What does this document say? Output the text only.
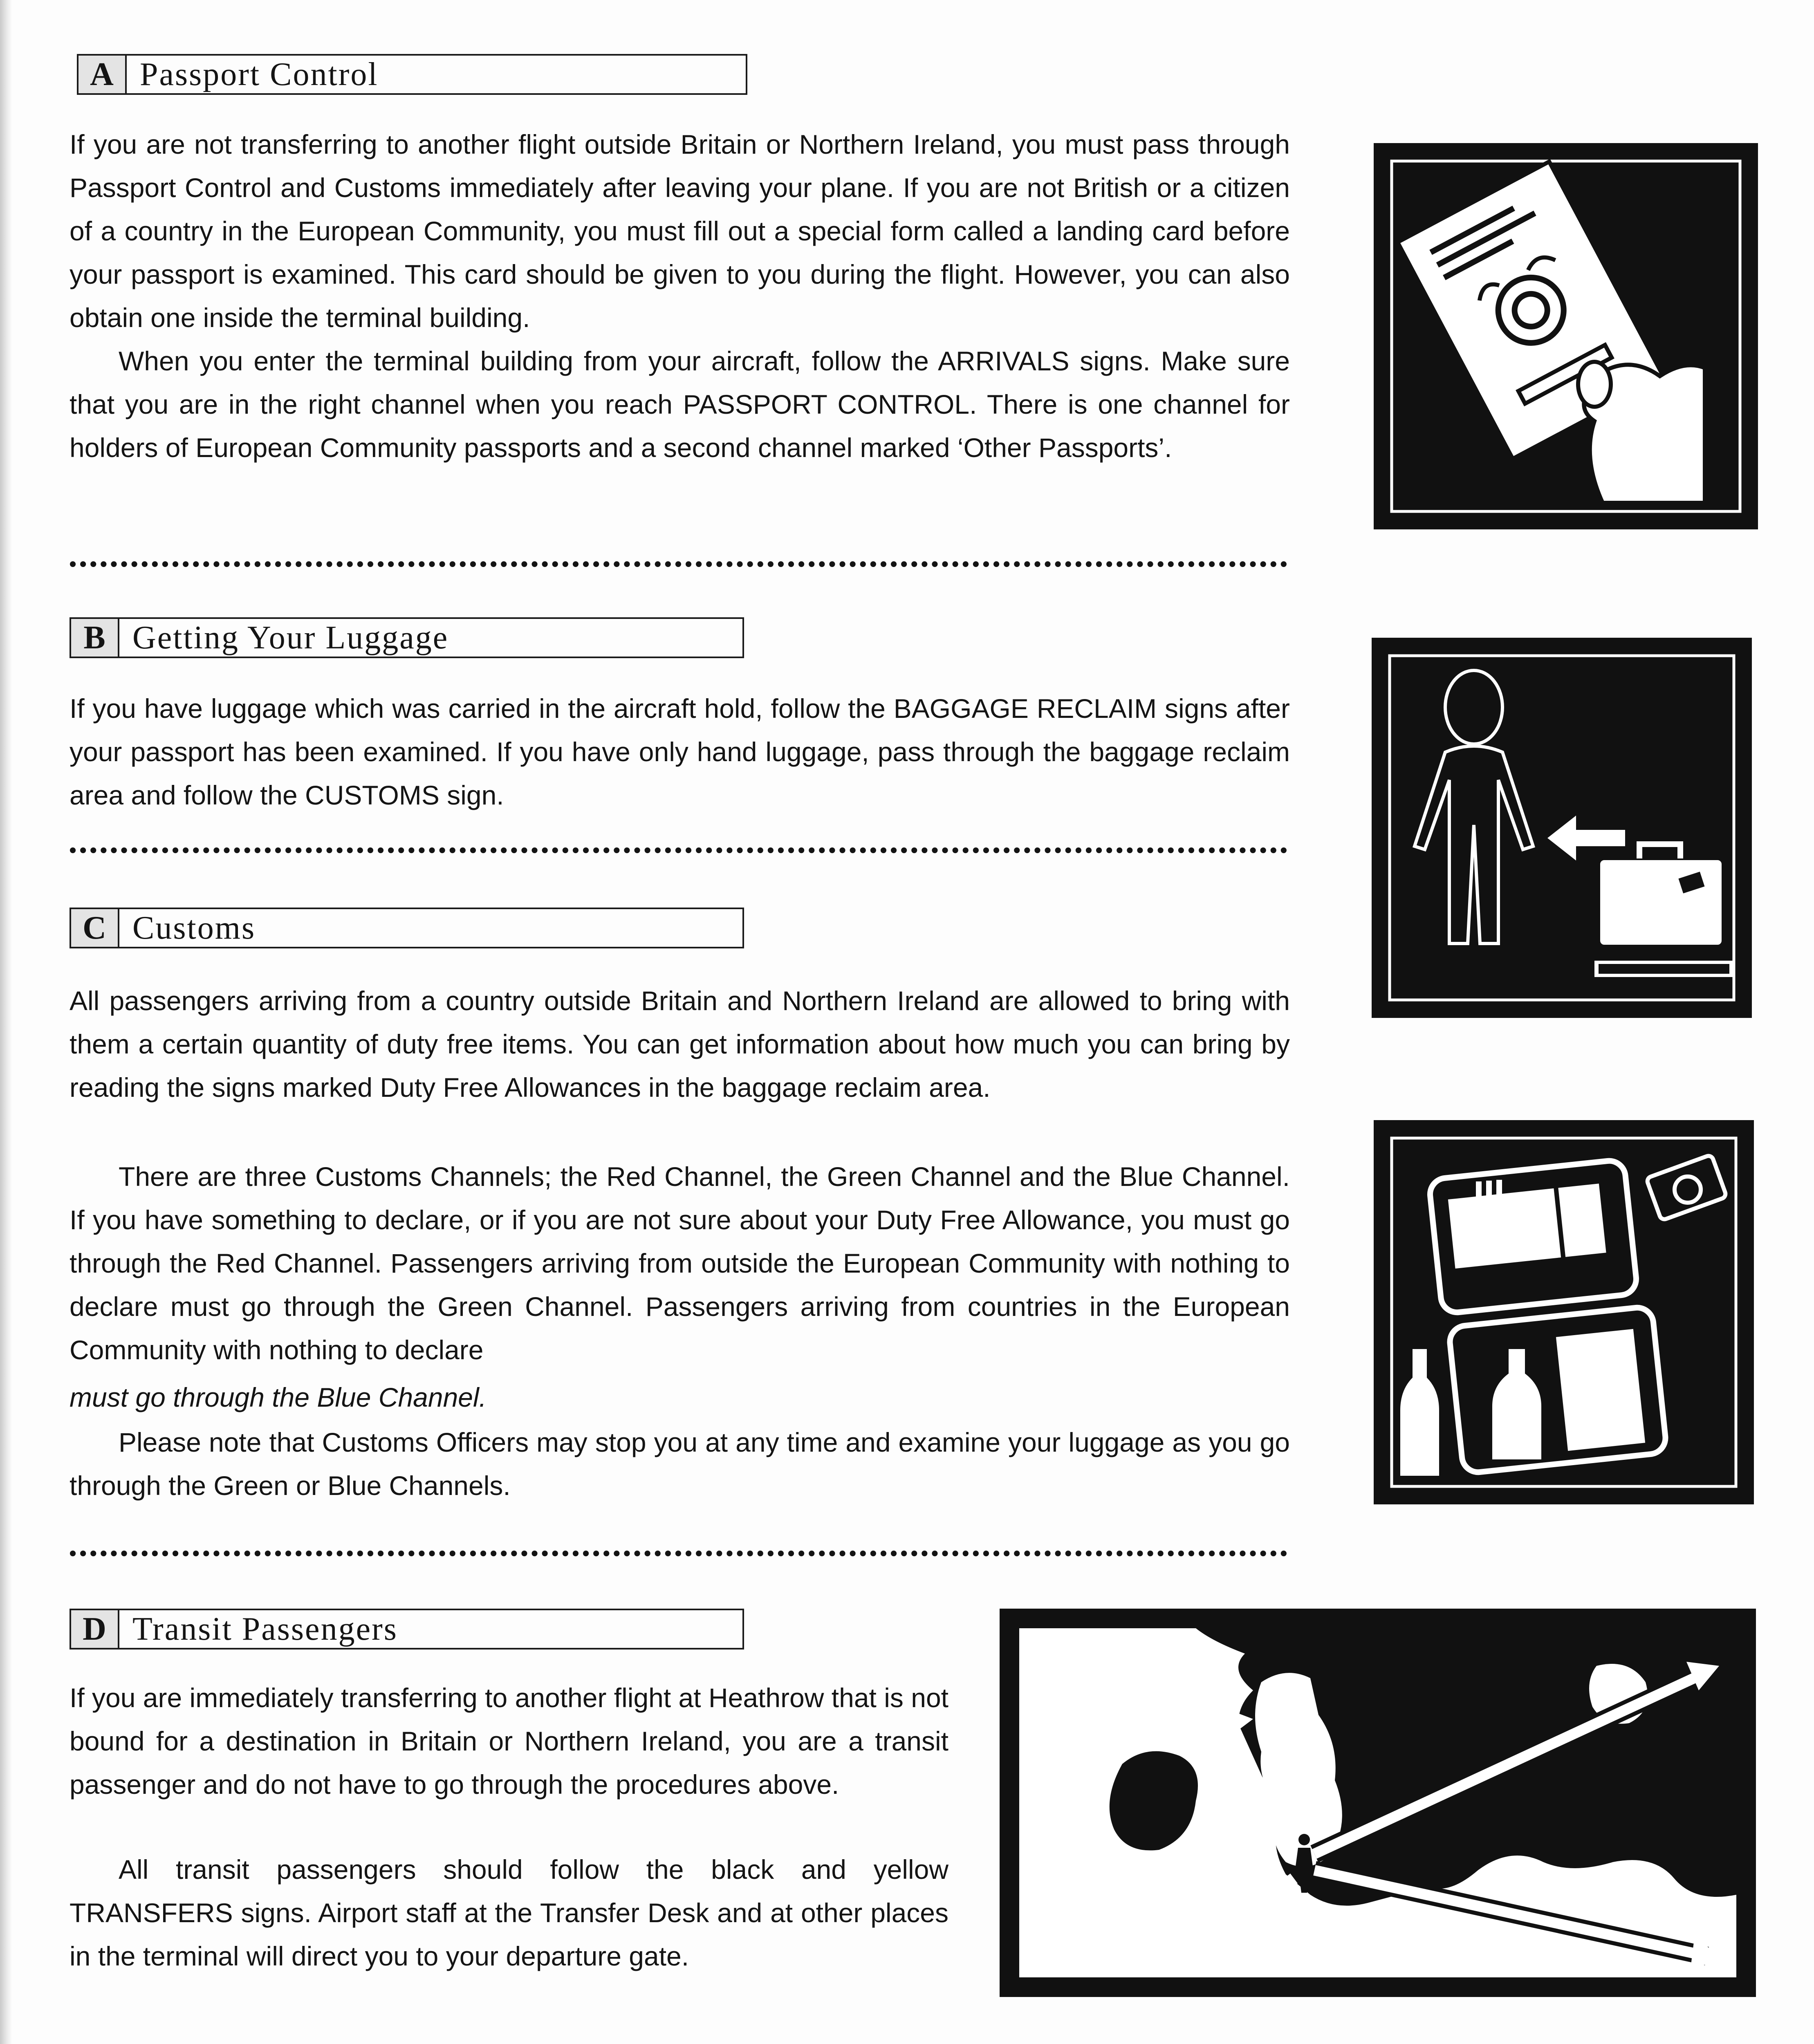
A Passport Control

If you are not transferring to another flight outside Britain or Northern Ireland, you must pass through Passport Control and Customs immediately after leaving your plane. If you are not British or a citizen of a country in the European Community, you must fill out a special form called a landing card before your passport is examined. This card should be given to you during the flight. However, you can also obtain one inside the terminal building.

When you enter the terminal building from your aircraft, follow the ARRIVALS signs. Make sure that you are in the right channel when you reach PASSPORT CONTROL. There is one channel for holders of European Community passports and a second channel marked ‘Other Passports’.

B Getting Your Luggage

If you have luggage which was carried in the aircraft hold, follow the BAGGAGE RECLAIM signs after your passport has been examined. If you have only hand luggage, pass through the baggage reclaim area and follow the CUSTOMS sign.

C Customs

All passengers arriving from a country outside Britain and Northern Ireland are allowed to bring with them a certain quantity of duty free items. You can get information about how much you can bring by reading the signs marked Duty Free Allowances in the baggage reclaim area.

There are three Customs Channels; the Red Channel, the Green Channel and the Blue Channel. If you have something to declare, or if you are not sure about your Duty Free Allowance, you must go through the Red Channel. Passengers arriving from outside the European Community with nothing to declare must go through the Green Channel. Passengers arriving from countries in the European Community with nothing to declare

must go through the Blue Channel.

Please note that Customs Officers may stop you at any time and examine your luggage as you go through the Green or Blue Channels.

D Transit Passengers

If you are immediately transferring to another flight at Heathrow that is not bound for a destination in Britain or Northern Ireland, you are a transit passenger and do not have to go through the procedures above.

All transit passengers should follow the black and yellow TRANSFERS signs. Airport staff at the Transfer Desk and at other places in the terminal will direct you to your departure gate.
